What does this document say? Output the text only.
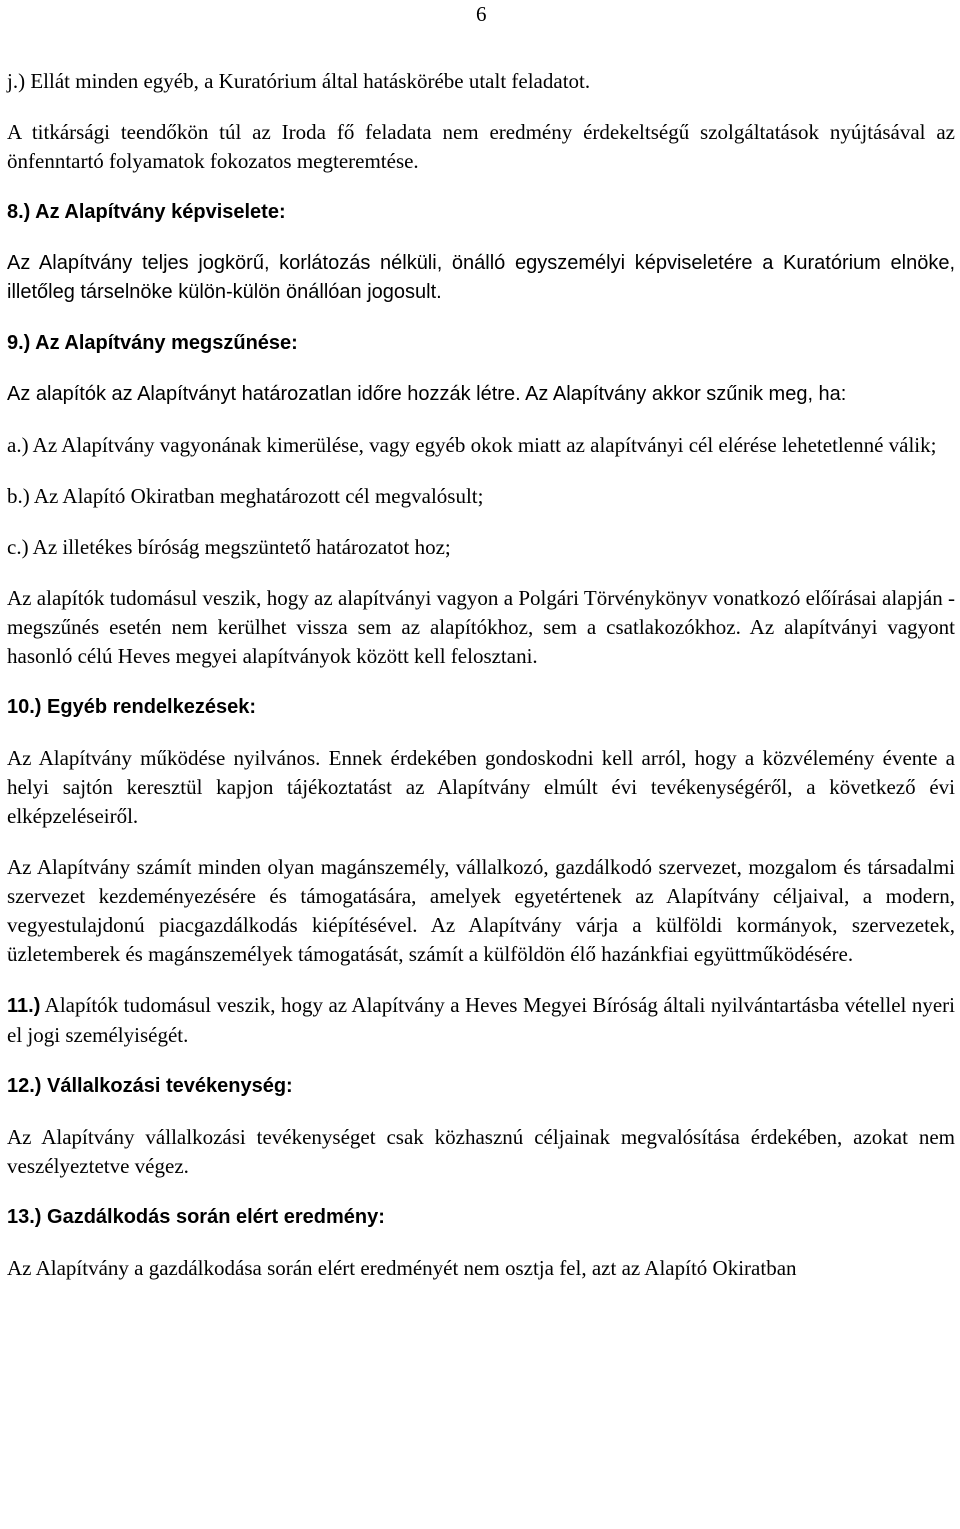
6

j.) Ellát minden egyéb, a Kuratórium által hatáskörébe utalt feladatot.

A titkársági teendőkön túl az Iroda fő feladata nem eredmény érdekeltségű szolgáltatások nyújtásával az önfenntartó folyamatok fokozatos megteremtése.

8.) Az Alapítvány képviselete:

Az Alapítvány teljes jogkörű, korlátozás nélküli, önálló egyszemélyi képviseletére a Kuratórium elnöke, illetőleg társelnöke külön-külön önállóan jogosult.

9.) Az Alapítvány megszűnése:

Az alapítók az Alapítványt határozatlan időre hozzák létre. Az Alapítvány akkor szűnik meg, ha:

a.) Az Alapítvány vagyonának kimerülése, vagy egyéb okok miatt az alapítványi cél elérése lehetetlenné válik;

b.) Az Alapító Okiratban meghatározott cél megvalósult;

c.) Az illetékes bíróság megszüntető határozatot hoz;

Az alapítók tudomásul veszik, hogy az alapítványi vagyon a Polgári Törvénykönyv vonatkozó előírásai alapján - megszűnés esetén nem kerülhet vissza sem az alapítókhoz, sem a csatlakozókhoz. Az alapítványi vagyont hasonló célú Heves megyei alapítványok között kell felosztani.

10.) Egyéb rendelkezések:

Az Alapítvány működése nyilvános. Ennek érdekében gondoskodni kell arról, hogy a közvélemény évente a helyi sajtón keresztül kapjon tájékoztatást az Alapítvány elmúlt évi tevékenységéről, a következő évi elképzeléseiről.

Az Alapítvány számít minden olyan magánszemély, vállalkozó, gazdálkodó szervezet, mozgalom és társadalmi szervezet kezdeményezésére és támogatására, amelyek egyetértenek az Alapítvány céljaival, a modern, vegyestulajdonú piacgazdálkodás kiépítésével. Az Alapítvány várja a külföldi kormányok, szervezetek, üzletemberek és magánszemélyek támogatását, számít a külföldön élő hazánkfiai együttműködésére.

11.) Alapítók tudomásul veszik, hogy az Alapítvány a Heves Megyei Bíróság általi nyilvántartásba vétellel nyeri el jogi személyiségét.

12.) Vállalkozási tevékenység:

Az Alapítvány vállalkozási tevékenységet csak közhasznú céljainak megvalósítása érdekében, azokat nem veszélyeztetve végez.

13.) Gazdálkodás során elért eredmény:

Az Alapítvány a gazdálkodása során elért eredményét nem osztja fel, azt az Alapító Okiratban
